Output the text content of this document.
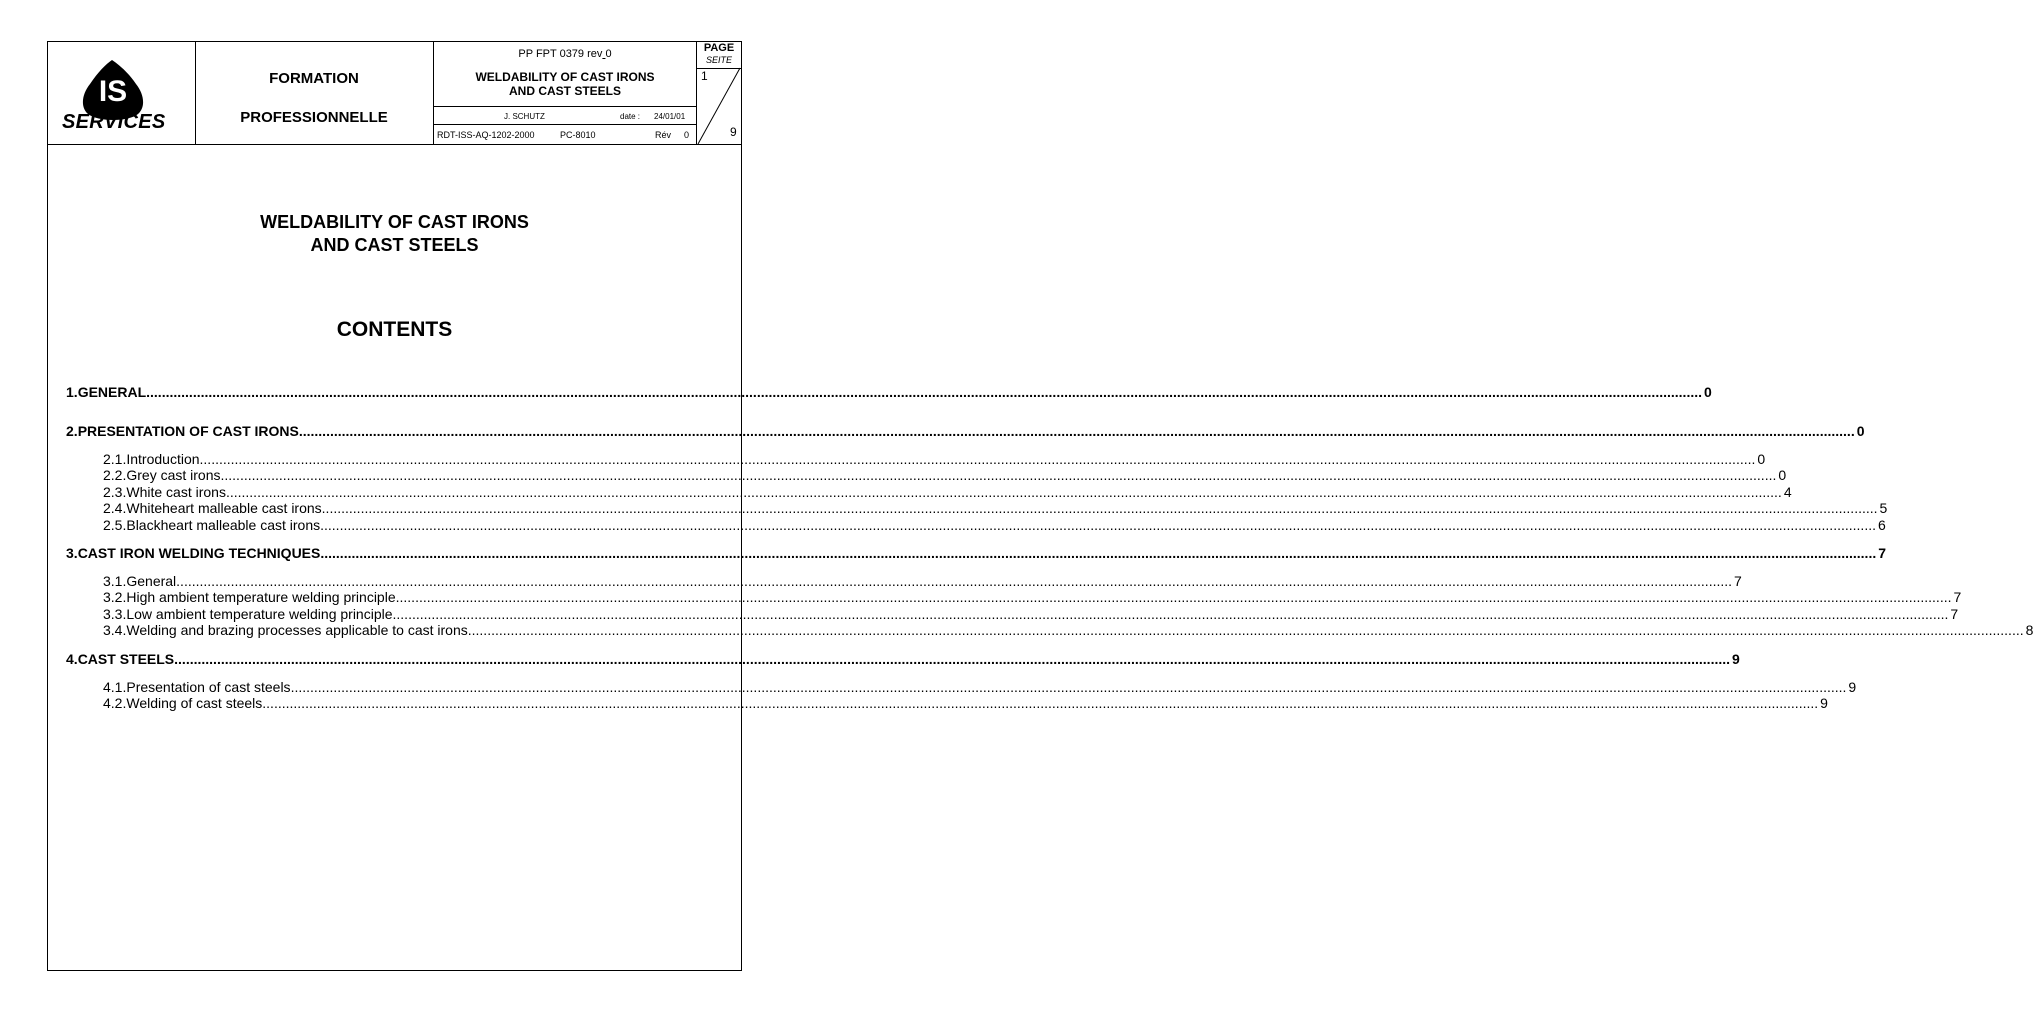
IS
SERVICES
FORMATION
PROFESSIONNELLE
PP FPT 0379 rev 0
WELDABILITY OF CAST IRONS
AND CAST STEELS
J. SCHUTZ	date : 24/01/01
RDT-ISS-AQ-1202-2000	PC-8010	Rév 0
PAGE
SEITE
1
9
WELDABILITY OF CAST IRONS
AND CAST STEELS
CONTENTS
1. GENERAL ................................................................................................................................................................................................................................................................................................................................................................................................................ 0
2. PRESENTATION OF CAST IRONS ................................................................................................................................................................................................................................................................................................................................................................................................................ 0
2.1. Introduction ................................................................................................................................................................................................................................................................................................................................................................................................................ 0
2.2. Grey cast irons ................................................................................................................................................................................................................................................................................................................................................................................................................ 0
2.3. White cast irons ................................................................................................................................................................................................................................................................................................................................................................................................................ 4
2.4. Whiteheart malleable cast irons ................................................................................................................................................................................................................................................................................................................................................................................................................ 5
2.5. Blackheart malleable cast irons ................................................................................................................................................................................................................................................................................................................................................................................................................ 6
3. CAST IRON WELDING TECHNIQUES ................................................................................................................................................................................................................................................................................................................................................................................................................ 7
3.1. General ................................................................................................................................................................................................................................................................................................................................................................................................................ 7
3.2. High ambient temperature welding principle ................................................................................................................................................................................................................................................................................................................................................................................................................ 7
3.3. Low ambient temperature welding principle ................................................................................................................................................................................................................................................................................................................................................................................................................ 7
3.4. Welding and brazing processes applicable to cast irons ................................................................................................................................................................................................................................................................................................................................................................................................................ 8
4. CAST STEELS ................................................................................................................................................................................................................................................................................................................................................................................................................ 9
4.1. Presentation of cast steels ................................................................................................................................................................................................................................................................................................................................................................................................................ 9
4.2. Welding of cast steels ................................................................................................................................................................................................................................................................................................................................................................................................................ 9
